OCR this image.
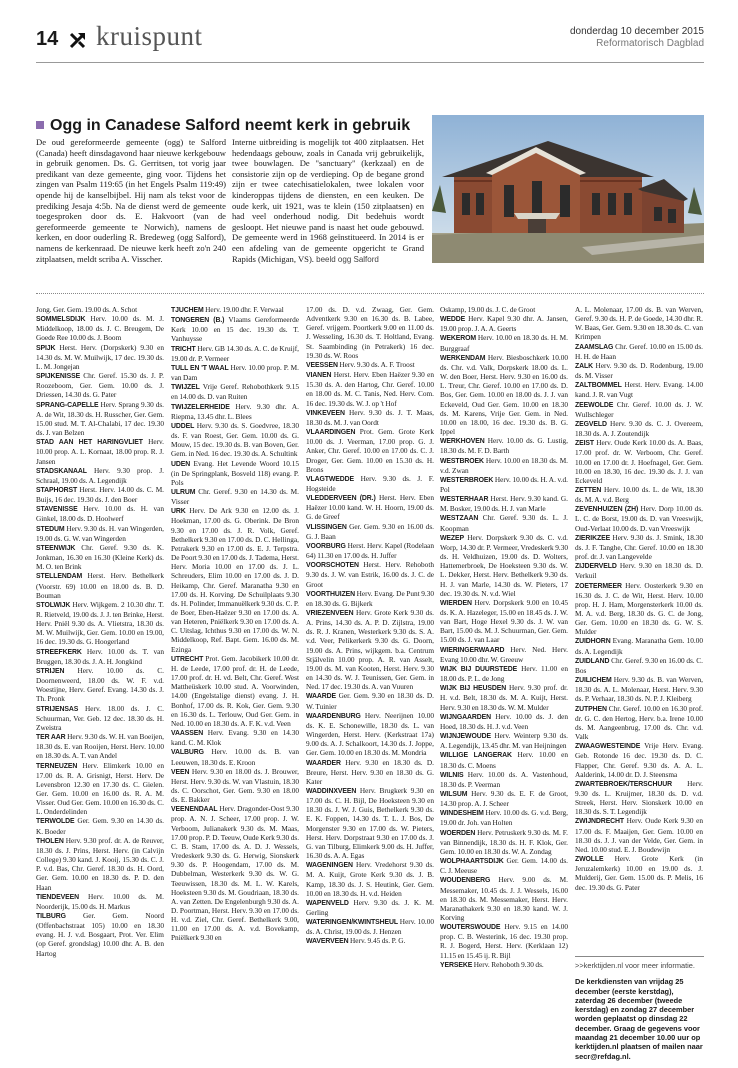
14 kruispunt	donderdag 10 december 2015
Reformatorisch Dagblad
Ogg in Canadese Salford neemt kerk in gebruik
De oud gereformeerde gemeente (ogg) te Salford (Canada) heeft dinsdagavond haar nieuwe kerkgebouw in gebruik genomen. Ds. G. Gerritsen, tot vorig jaar predikant van deze gemeente, ging voor. Tijdens het zingen van Psalm 119:65 (in het Engels Psalm 119:49) opende hij de kanselbijbel. Hij nam als tekst voor de prediking Jesaja 4:5b. Na de dienst werd de gemeente toegesproken door ds. E. Hakvoort (van de gereformeerde gemeente te Norwich), namens de kerken, en door ouderling R. Bredeweg (ogg Salford), namens de kerkenraad. De nieuwe kerk heeft zo'n 240 zitplaatsen, meldt scriba A. Visscher.
Interne uitbreiding is mogelijk tot 400 zitplaatsen. Het hedendaags gebouw, zoals in Canada vrij gebruikelijk, twee bouwlagen. De "sanctuary" (kerkzaal) en de consistorie zijn op de verdieping. Op de begane grond zijn er twee catechisatielokalen, twee lokalen voor kinderoppas tijdens de diensten, en een keuken. De oude kerk, uit 1921, was te klein (150 zitplaatsen) en had veel onderhoud nodig. Dit bedehuis wordt gesloopt. Het nieuwe pand is naast het oude gebouwd. De gemeente werd in 1968 geïnstitueerd. In 2014 is er een afdeling van de gemeente opgericht te Grand Rapids (Michigan, VS). beeld ogg Salford
Jong. Ger. Gem. 19.00 ds. A. Schot
SOMMELSDIJK Herv. 10.00 ds. M. J. Middelkoop, 18.00 ds. J. C. Breugem, De Goede Ree 10.00 ds. J. Boom
SPIJK Herst. Herv. (Dorpskerk) 9.30 en 14.30 ds. M. W. Muilwijk, 17 dec. 19.30 ds. L. M. Jongejan
SPIJKENISSE Chr. Geref. 15.30 ds. J. P. Roozeboom, Ger. Gem. 10.00 ds. J. Driessen, 14.30 ds. G. Pater
SPRANG-CAPELLE Herv. Sprang 9.30 ds. A. de Wit, 18.30 ds. H. Russcher, Ger. Gem. 15.00 stud. M. T. Al-Chalabi, 17 dec. 19.30 ds. J. van Belzen
STAD AAN HET HARINGVLIET Herv. 10.00 prop. A. L. Kornaat, 18.00 prop. R. J. Jansen
STADSKANAAL Herv. 9.30 prop. J. Schraal, 19.00 ds. A. Legendijk
STAPHORST Herst. Herv. 14.00 ds. C. M. Buijs, 16 dec. 19.30 ds. J. den Boer
STAVENISSE Herv. 10.00 ds. H. van Ginkel, 18.00 ds. D. Hoolwerf
STEDUM Herv. 9.30 ds. H. van Wingerden, 19.00 ds. G. W. van Wingerden
STEENWIJK Chr. Geref. 9.30 ds. K. Jonkman, 16.30 en 16.30 (Kleine Kerk) ds. M. O. ten Brink
STELLENDAM Herst. Herv. Bethelkerk (Voorstr. 69) 10.00 en 18.00 ds. B. D. Bouman
STOLWIJK Herv. Wijkgem. 2 10.30 dhr. T. R. Rietveld, 19.00 ds. J. J. ten Brinke, Herst. Herv. Pniël 9.30 ds. A. Vlietstra, 18.30 ds. M. W. Muilwijk, Ger. Gem. 10.00 en 19.00, 16 dec. 19.30 ds. G. Hoogerland
STREEFKERK Herv. 10.00 ds. T. van Bruggen, 18.30 ds. J. A. H. Jongkind
STRIJEN Herv. 10.00 ds. C. Doornenweerd, 18.00 ds. W. F. v.d. Woestijne, Herv. Geref. Evang. 14.30 ds. J. Th. Pronk
STRIJENSAS Herv. 18.00 ds. J. C. Schuurman, Ver. Geb. 12 dec. 18.30 ds. H. Zweistra
TER AAR Herv. 9.30 ds. W. H. van Boeijen, 18.30 ds. E. van Rooijen, Herst. Herv. 10.00 en 18.30 ds. A. T. van Andel
TERNEUZEN Herv. Elimkerk 10.00 en 17.00 ds. R. A. Grisnigt, Herst. Herv. De Levensbron 12.30 en 17.30 ds. C. Gielen. Ger. Gem. 10.00 en 16.00 ds. R. A. M. Visser. Oud Ger. Gem. 10.00 en 16.30 ds. C. L. Onderdelinden
TERWOLDE Ger. Gem. 9.30 en 14.30 ds. K. Boeder
THOLEN Herv. 9.30 prof. dr. A. de Reuver, 18.30 ds. J. Prins, Herst. Herv. (in Calvijn College) 9.30 kand. J. Kooij, 15.30 ds. C. J. P. v.d. Bas, Chr. Geref. 18.30 ds. H. Oord, Ger. Gem. 10.00 en 18.30 ds. P. D. den Haan
TIENDEVEEN Herv. 10.00 ds. M. Noorderijk, 15.00 ds. H. Markus
TILBURG Ger. Gem. Noord (Offenbachstraat 105) 10.00 en 18.30 evang. H. J. v.d. Bosgaart, Prot. Ver. Elim (op Geref. grondslag) 10.00 dhr. A. B. den Hartog
TJUCHEM Herv. 19.00 dhr. F. Verwaal
TONGEREN (B.) Vlaams Gereformeerde Kerk 10.00 en 15 dec. 19.30 ds. T. Vanhuysse
TRICHT Herv. GB 14.30 ds. A. C. de Kruijf, 19.00 dr. P. Vermeer
TULL EN 'T WAAL Herv. 10.00 prop. P. M. van Dam
TWIJZEL Vrije Geref. Rehobothkerk 9.15 en 14.00 ds. D. van Ruiten
TWIJZELERHEIDE Herv. 9.30 dhr. A. Riepma, 13.45 dhr. L. Blees
UDDEL Herv. 9.30 ds. S. Goedvree, 18.30 ds. F. van Roest, Ger. Gem. 10.00 ds. G. Mouw, 15 dec. 19.30 ds. B. van Boven, Ger. Gem. in Ned. 16 dec. 19.30 ds. A. Schultink
UDEN Evang. Het Levende Woord 10.15 (in De Springplank, Bosveld 118) evang. P. Pols
ULRUM Chr. Geref. 9.30 en 14.30 ds. M. Visser
URK Herv. De Ark 9.30 en 12.00 ds. J. Hoekman, 17.00 ds. G. Oberink. De Bron 9.30 en 17.00 ds. J. R. Volk, Geref. Bethelkerk 9.30 en 17.00 ds. D. C. Hellinga, Petrakerk 9.30 en 17.00 ds. E. J. Terpstra. De Poort 9.30 en 17.00 ds. J. Tadema, Herst. Herv. Moria 10.00 en 17.00 ds. J. L. Schreuders, Elim 10.00 en 17.00 ds. J. D. Heikamp, Chr. Geref. Maranatha 9.30 en 17.00 ds. H. Korving. De Schuilplaats 9.30 ds. H. Polinder, Immanuëlkerk 9.30 ds. C. P. de Boer, Eben-Haëzer 9.30 en 17.00 ds. A. van Heteren, Pniëlkerk 9.30 en 17.00 ds. A. C. Uitslag, Ichthus 9.30 en 17.00 ds. W. N. Middelkoop, Ref. Bapt. Gem. 16.00 ds. M. Ezinga
UTRECHT Prot. Gem. Jacobikerk 10.00 dr. H. de Leede, 17.00 prof. dr. H. de Leede, 17.00 prof. dr. H. vd. Belt, Chr. Geref. West Mattheüskerk 10.00 stud. A. Voorwinden, 14.00 (Engelstalige dienst) evang. J. H. Bonhof, 17.00 ds. R. Kok, Ger. Gem. 9.30 en 16.30 ds. L. Terlouw, Oud Ger. Gem. in Ned. 10.00 en 18.30 ds. A. F. K. v.d. Veen
VAASSEN Herv. Evang. 9.30 en 14.30 kand. C. M. Klok
VALBURG Herv. 10.00 ds. B. van Leeuwen, 18.30 ds. E. Kroon
VEEN Herv. 9.30 en 18.00 ds. J. Brouwer, Herst. Herv. 9.30 ds. W. van Vlastuin, 18.30 ds. C. Oorschot, Ger. Gem. 9.30 en 18.00 ds. E. Bakker
VEENENDAAL Herv. Dragonder-Oost 9.30 prop. A. N. J. Scheer, 17.00 prop. J. W. Verboom, Julianakerk 9.30 ds. M. Maas, 17.00 prop. P. D. Teeuw, Oude Kerk 9.30 ds. C. B. Stam, 17.00 ds. A. D. J. Wessels, Vredeskerk 9.30 ds. G. Herwig, Sionskerk 9.30 ds. P. Hoogendam, 17.00 ds. M. Dubbelman, Westerkerk 9.30 ds. W. G. Teeuwissen, 18.30 ds. M. L. W. Karels, Hoeksteen 9.30 ds. M. Goudriaan, 18.30 ds. A. van Zetten. De Engelenburgh 9.30 ds. A. D. Poortman, Herst. Herv. 9.30 en 17.00 ds. H. v.d. Ziel, Chr. Geref. Bethelkerk 9.00, 11.00 en 17.00 ds. A. v.d. Bovekamp, Pniëlkerk 9.30 en
17.00 ds. D. v.d. Zwaag, Ger. Gem. Adventkerk 9.30 en 16.30 ds. B. Labee, Geref. vrijgem. Poortkerk 9.00 en 11.00 ds. J. Wesseling, 16.30 ds. T. Holtland, Evang. St. Saambinding (in Petrakerk) 16 dec. 19.30 ds. W. Roos
VEESSEN Herv. 9.30 ds. A. F. Troost
VIANEN Herst. Herv. Eben Haëzer 9.30 en 15.30 ds. A. den Hartog, Chr. Geref. 10.00 en 18.00 ds. M. C. Tanis, Ned. Herv. Com. 16 dec. 19.30 ds. W. J. op 't Hof
VINKEVEEN Herv. 9.30 ds. J. T. Maas, 18.30 ds. M. J. van Oordt
VLAARDINGEN Prot. Gem. Grote Kerk 10.00 ds. J. Veerman, 17.00 prop. G. J. Anker, Chr. Geref. 10.00 en 17.00 ds. C. J. Droger, Ger. Gem. 10.00 en 15.30 ds. H. Brons
VLAGTWEDDE Herv. 9.30 ds. J. F. Hogsteide
VLEDDERVEEN (DR.) Herst. Herv. Eben Haëzer 10.00 kand. W. H. Hoorn, 19.00 ds. G. de Greef
VLISSINGEN Ger. Gem. 9.30 en 16.00 ds. G. J. Baan
VOORBURG Herst. Herv. Kapel (Rodelaan 64) 11.30 en 17.00 ds. H. Juffer
VOORSCHOTEN Herst. Herv. Rehoboth 9.30 ds. J. W. van Estrik, 16.00 ds. J. C. de Groot
VOORTHUIZEN Herv. Evang. De Punt 9.30 en 18.30 ds. G. Bijkerk
VRIEZENVEEN Herv. Grote Kerk 9.30 ds. A. Prins, 14.30 ds. A. P. D. Zijlstra, 19.00 ds. R. J. Kranen, Westerkerk 9.30 ds. S. A. v.d. Veer, Pelikerkerk 9.30 ds. G. Doorn, 19.00 ds. A. Prins, wijkgem. b.a. Centrum Stjälvelin 10.00 prop. A. R. van Asselt, 19.00 ds. M. van Kooten, Herst. Herv. 9.30 en 14.30 ds. W. J. Teunissen, Ger. Gem. in Ned. 17 dec. 19.30 ds. A. van Vuuren
WAARDE Ger. Gem. 9.30 en 18.30 ds. D. W. Tuinier
WAARDENBURG Herv. Neerijnen 10.00 ds. K. E. Schonewille, 18.30 ds. L. van Wingerden, Herst. Herv. (Kerkstraat 17a) 9.00 ds. A. J. Schalkoort, 14.30 ds. J. Joppe, Ger. Gem. 10.00 en 18.30 ds. M. Mondria
WAARDER Herv. 9.30 en 18.30 ds. D. Breure, Herst. Herv. 9.30 en 18.30 ds. G. Kater
WADDINXVEEN Herv. Brugkerk 9.30 en 17.00 ds. C. H. Bijl, De Hoeksteen 9.30 en 18.30 ds. J. W. J. Guis, Bethelkerk 9.30 ds. E. K. Foppen, 14.30 ds. T. L. J. Bos, De Morgenster 9.30 en 17.00 ds. W. Pieters, Herst. Herv. Dorpstraat 9.30 en 17.00 ds. J. G. van Tilburg, Elimkerk 9.00 ds. H. Juffer, 16.30 ds. A. A. Egas
WAGENINGEN Herv. Vredehorst 9.30 ds. M. A. Kuijt, Grote Kerk 9.30 ds. J. B. Kamp, 18.30 ds. J. S. Heutink, Ger. Gem. 10.00 en 18.30 ds. H. v.d. Heiden
WAPENVELD Herv. 9.30 ds. J. K. M. Gerling
WATERINGEN/KWINTSHEUL Herv. 10.00 ds. A. Christ, 19.00 ds. J. Henzen
WAVERVEEN Herv. 9.45 ds. P. G.
Oskamp, 19.00 ds. J. C. de Groot
WEDDE Herv. Kapel 9.30 dhr. A. Jansen, 19.00 prop. J. A. A. Geerts
WEKEROM Herv. 10.00 en 18.30 ds. H. M. Burggraaf
WERKENDAM Herv. Biesboschkerk 10.00 ds. Chr. v.d. Valk, Dorpskerk 18.00 ds. L. W. den Boer, Herst. Herv. 9.30 en 16.00 ds. L. Treur, Chr. Geref. 10.00 en 17.00 ds. D. Bos, Ger. Gem. 10.00 en 18.00 ds. J. J. van Eckeveld, Oud Ger. Gem. 10.00 en 18.30 ds. M. Karens, Vrije Ger. Gem. in Ned. 10.00 en 18.00, 16 dec. 19.30 ds. B. G. Ippel
WERKHOVEN Herv. 10.00 ds. G. Lustig, 18.30 ds. M. F. D. Barth
WESTBROEK Herv. 10.00 en 18.30 ds. M. v.d. Zwan
WESTERBROEK Herv. 10.00 ds. H. A. v.d. Pol
WESTERHAAR Herst. Herv. 9.30 kand. G. M. Bosker, 19.00 ds. H. J. van Marle
WESTZAAN Chr. Geref. 9.30 ds. L. J. Koopman
WEZEP Herv. Dorpskerk 9.30 ds. C. v.d. Worp, 14.30 dr. P. Vermeer, Vredeskerk 9.30 ds. H. Veldhuizen, 19.00 ds. D. Wolters, Hattemerbroek, De Hoeksteen 9.30 ds. W. L. Dekker, Herst. Herv. Bethelkerk 9.30 ds. H. J. van Marle, 14.30 ds. W. Pieters, 17 dec. 19.30 ds. N. v.d. Wiel
WIERDEN Herv. Dorpskerk 9.00 en 10.45 ds. K. A. Hazeleger, 15.00 en 18.45 ds. J. W. van Bart, Hoge Hexel 9.30 ds. J. W. van Bart, 15.00 ds. M. J. Schuurman, Ger. Gem. 15.00 ds. J. van Laar
WIERINGERWAARD Herv. Ned. Herv. Evang 10.00 dhr. W. Greeuw
WIJK BIJ DUURSTEDE Herv. 11.00 en 18.00 ds. P. L. de Jong
WIJK BIJ HEUSDEN Herv. 9.30 prof. dr. H. v.d. Belt, 18.30 ds. M. A. Kuijt, Herst. Herv. 9.30 en 18.30 ds. W. M. Mulder
WIJNGAARDEN Herv. 10.00 ds. J. den Hoed, 18.30 ds. H. J. v.d. Veen
WIJNJEWOUDE Herv. Weinterp 9.30 ds. A. Legendijk, 13.45 dhr. M. van Heijningen
WILLIGE LANGERAK Herv. 10.00 en 18.30 ds. C. Moens
WILNIS Herv. 10.00 ds. A. Vastenhoud, 18.30 ds. P. Veerman
WILSUM Herv. 9.30 ds. E. F. de Groot, 14.30 prop. A. J. Scheer
WINDESHEIM Herv. 10.00 ds. G. v.d. Berg, 19.00 dr. Joh. van Holten
WOERDEN Herv. Petruskerk 9.30 ds. M. F. van Binnendijk, 18.30 ds. H. F. Klok, Ger. Gem. 10.00 en 18.30 ds. W. A. Zondag
WOLPHAARTSDIJK Ger. Gem. 14.00 ds. C. J. Meeuse
WOUDENBERG Herv. 9.00 ds. M. Messemaker, 10.45 ds. J. J. Wessels, 16.00 en 18.30 ds. M. Messemaker, Herst. Herv. Maranathakerk 9.30 en 18.30 kand. W. J. Korving
WOUTERSWOUDE Herv. 9.15 en 14.00 prop. C. B. Westerink, 16 dec. 19.30 prop. R. J. Bogerd, Herst. Herv. (Kerklaan 12) 11.15 en 15.45 ij. R. Bijl
YERSEKE Herv. Rehoboth 9.30 ds.
A. L. Molenaar, 17.00 ds. B. van Werven, Geref. 9.30 ds. H. P. de Goede, 14.30 dhr. R. W. Baas, Ger. Gem. 9.30 en 18.30 ds. C. van Krimpen
ZAAMSLAG Chr. Geref. 10.00 en 15.00 ds. H. H. de Haan
ZALK Herv. 9.30 ds. D. Rodenburg, 19.00 ds. M. Visser
ZALTBOMMEL Herst. Herv. Evang. 14.00 kand. J. R. van Vugt
ZEEWOLDE Chr. Geref. 10.00 ds. J. W. Wullschleger
ZEGVELD Herv. 9.30 ds. C. J. Overeem, 18.30 ds. A. J. Zoutendijk
ZEIST Herv. Oude Kerk 10.00 ds. A. Baas, 17.00 prof. dr. W. Verboom, Chr. Geref. 10.00 en 17.00 dr. J. Hoefnagel, Ger. Gem. 10.00 en 18.30, 16 dec. 19.30 ds. J. J. van Eckeveld
ZETTEN Herv. 10.00 ds. L. de Wit, 18.30 ds. M. A. v.d. Berg
ZEVENHUIZEN (ZH) Herv. Dorp 10.00 ds. L. C. de Borst, 19.00 ds. D. van Vreeswijk, Oud-Verlaat 10.00 ds. D. van Vreeswijk
ZIERIKZEE Herv. 9.30 ds. J. Smink, 18.30 ds. J. F. Tanghe, Chr. Geref. 10.00 en 18.30 prof. dr. J. van Langevelde
ZIJDERVELD Herv. 9.30 en 18.30 ds. D. Verkuil
ZOETERMEER Herv. Oosterkerk 9.30 en 16.30 ds. J. C. de Wit, Herst. Herv. 10.00 prop. H. J. Ham, Morgensterkerk 10.00 ds. M. A. v.d. Berg, 18.30 ds. G. C. de Jong, Ger. Gem. 10.00 en 18.30 ds. G. W. S. Mulder
ZUIDHORN Evang. Maranatha Gem. 10.00 ds. A. Legendijk
ZUIDLAND Chr. Geref. 9.30 en 16.00 ds. C. Bos
ZUILICHEM Herv. 9.30 ds. B. van Werven, 18.30 ds. A. L. Molenaar, Herst. Herv. 9.30 ds. P. Verhaar, 18.30 ds. N. P. J. Kleiberg
ZUTPHEN Chr. Geref. 10.00 en 16.30 prof. dr. G. C. den Hertog, Herv. b.a. Irene 10.00 ds. M. Aangeenbrug, 17.00 ds. Chr. v.d. Valk
ZWAAGWESTEINDE Vrije Herv. Evang. Geb. Rotonde 16 dec. 19.30 ds. D. C. Flapper, Chr. Geref. 9.30 ds. A. A. L. Aalderink, 14.00 dr. D. J. Steensma
ZWARTEBROEK/TERSCHUUR Herv. 9.30 ds. L. Kruijmer, 18.30 ds. D. v.d. Streek, Herst. Herv. Sionskerk 10.00 en 18.30 ds. S. T. Legendijk
ZWIJNDRECHT Herv. Oude Kerk 9.30 en 17.00 ds. F. Maaijen, Ger. Gem. 10.00 en 18.30 ds. J. J. van der Velde, Ger. Gem. in Ned. 10.00 stud. E. J. Boudewijn
ZWOLLE Herv. Grote Kerk (in Jeruzalemkerk) 10.00 en 19.00 ds. J. Mulderij, Ger. Gem. 15.00 ds. P. Melis, 16 dec. 19.30 ds. G. Pater
>>kerktijden.nl voor meer informatie.
De kerkdiensten van vrijdag 25 december (eerste kerstdag), zaterdag 26 december (tweede kerstdag) en zondag 27 december worden geplaatst op dinsdag 22 december. Graag de gegevens voor maandag 21 december 10.00 uur op kerktijden.nl plaatsen of mailen naar secr@refdag.nl.
